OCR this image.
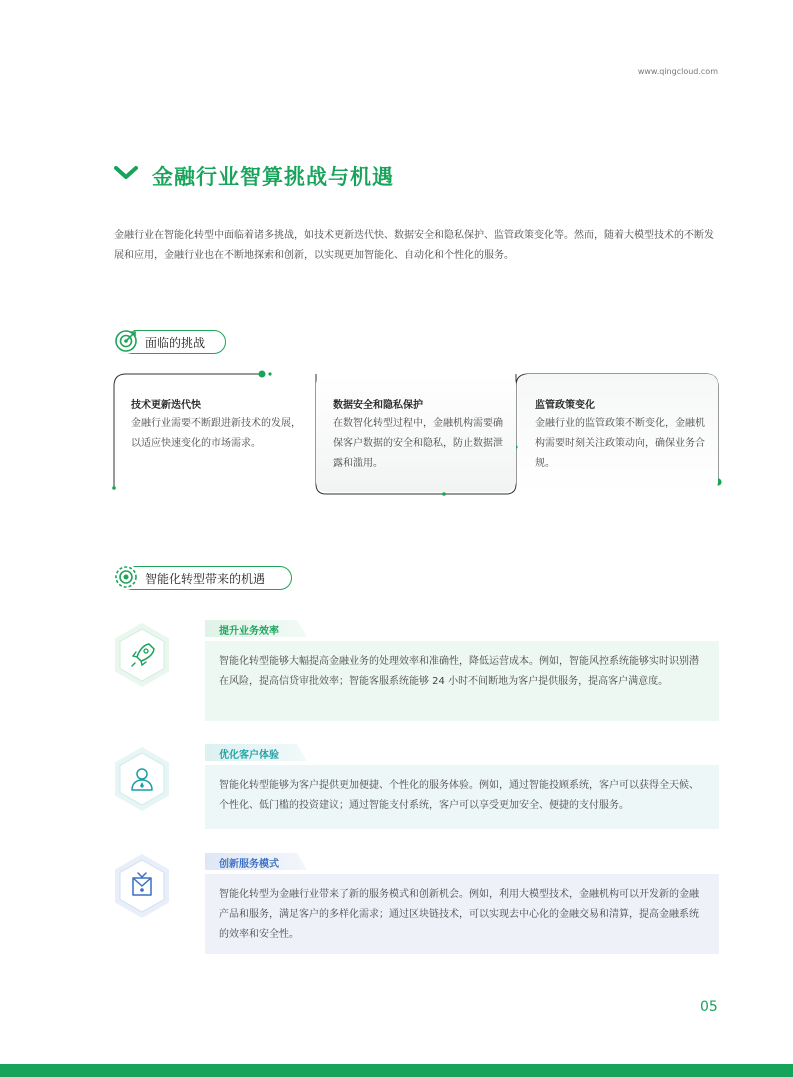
www.qingcloud.com
金融行业智算挑战与机遇
金融行业在智能化转型中面临着诸多挑战，如技术更新迭代快、数据安全和隐私保护、监管政策变化等。然而，随着大模型技术的不断发展和应用，金融行业也在不断地探索和创新，以实现更加智能化、自动化和个性化的服务。
面临的挑战
技术更新迭代快
金融行业需要不断跟进新技术的发展，以适应快速变化的市场需求。
数据安全和隐私保护
在数智化转型过程中，金融机构需要确保客户数据的安全和隐私，防止数据泄露和滥用。
监管政策变化
金融行业的监管政策不断变化，金融机构需要时刻关注政策动向，确保业务合规。
智能化转型带来的机遇
提升业务效率
智能化转型能够大幅提高金融业务的处理效率和准确性，降低运营成本。例如，智能风控系统能够实时识别潜在风险，提高信贷审批效率；智能客服系统能够 24 小时不间断地为客户提供服务，提高客户满意度。
优化客户体验
智能化转型能够为客户提供更加便捷、个性化的服务体验。例如，通过智能投顾系统，客户可以获得全天候、个性化、低门槛的投资建议；通过智能支付系统，客户可以享受更加安全、便捷的支付服务。
创新服务模式
智能化转型为金融行业带来了新的服务模式和创新机会。例如，利用大模型技术，金融机构可以开发新的金融产品和服务，满足客户的多样化需求；通过区块链技术，可以实现去中心化的金融交易和清算，提高金融系统的效率和安全性。
05
